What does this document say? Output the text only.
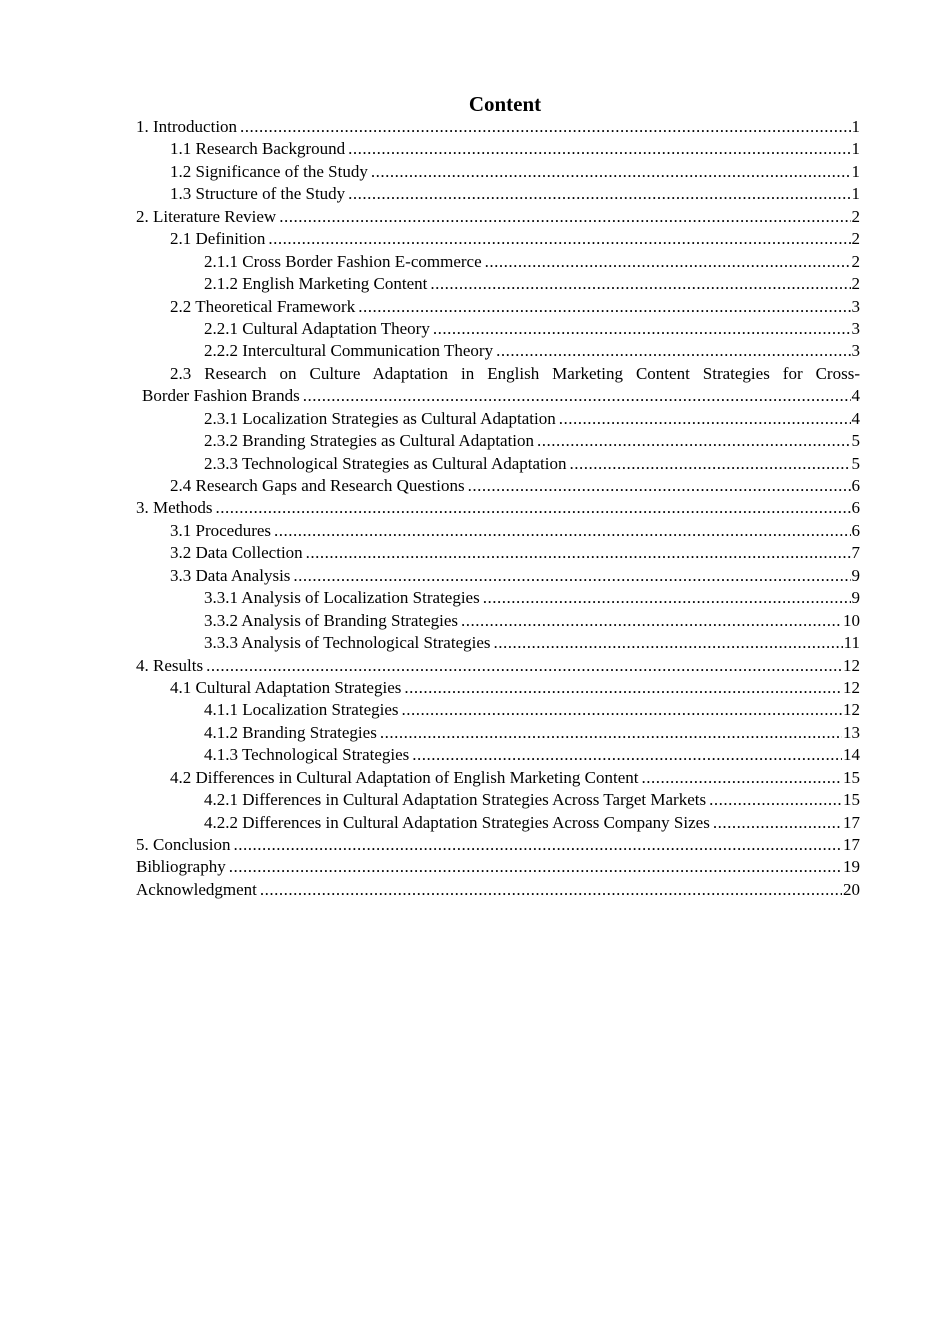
Content
1. Introduction .....	1
1.1 Research Background .....	1
1.2 Significance of the Study .....	1
1.3 Structure of the Study .....	1
2. Literature Review .....	2
2.1 Definition .....	2
2.1.1 Cross Border Fashion E-commerce .....	2
2.1.2 English Marketing Content .....	2
2.2 Theoretical Framework .....	3
2.2.1 Cultural Adaptation Theory .....	3
2.2.2 Intercultural Communication Theory .....	3
2.3 Research on Culture Adaptation in English Marketing Content Strategies for Cross-
Border Fashion Brands .....	4
2.3.1 Localization Strategies as Cultural Adaptation .....	4
2.3.2 Branding Strategies as Cultural Adaptation .....	5
2.3.3 Technological Strategies as Cultural Adaptation .....	5
2.4 Research Gaps and Research Questions .....	6
3. Methods .....	6
3.1 Procedures .....	6
3.2 Data Collection .....	7
3.3 Data Analysis .....	9
3.3.1 Analysis of Localization Strategies .....	9
3.3.2 Analysis of Branding Strategies .....	10
3.3.3 Analysis of Technological Strategies .....	11
4. Results .....	12
4.1 Cultural Adaptation Strategies .....	12
4.1.1 Localization Strategies .....	12
4.1.2 Branding Strategies .....	13
4.1.3 Technological Strategies .....	14
4.2 Differences in Cultural Adaptation of English Marketing Content .....	15
4.2.1 Differences in Cultural Adaptation Strategies Across Target Markets .....	15
4.2.2 Differences in Cultural Adaptation Strategies Across Company Sizes .....	17
5. Conclusion .....	17
Bibliography .....	19
Acknowledgment .....	20
